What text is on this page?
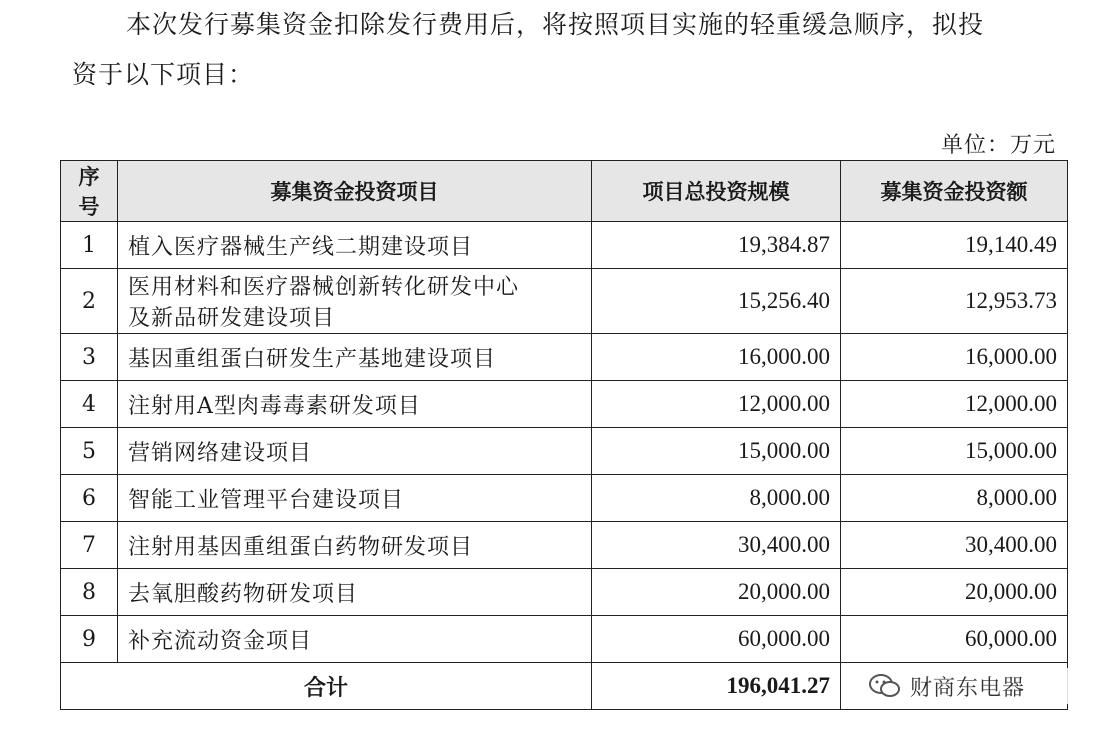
本次发行募集资金扣除发行费用后，将按照项目实施的轻重缓急顺序，拟投
资于以下项目：
单位：万元
序号	募集资金投资项目	项目总投资规模	募集资金投资额
1	植入医疗器械生产线二期建设项目	19,384.87	19,140.49
2	医用材料和医疗器械创新转化研发中心
及新品研发建设项目	15,256.40	12,953.73
3	基因重组蛋白研发生产基地建设项目	16,000.00	16,000.00
4	注射用A型肉毒毒素研发项目	12,000.00	12,000.00
5	营销网络建设项目	15,000.00	15,000.00
6	智能工业管理平台建设项目	8,000.00	8,000.00
7	注射用基因重组蛋白药物研发项目	30,400.00	30,400.00
8	去氧胆酸药物研发项目	20,000.00	20,000.00
9	补充流动资金项目	60,000.00	60,000.00
合计		196,041.27		财商东电器
